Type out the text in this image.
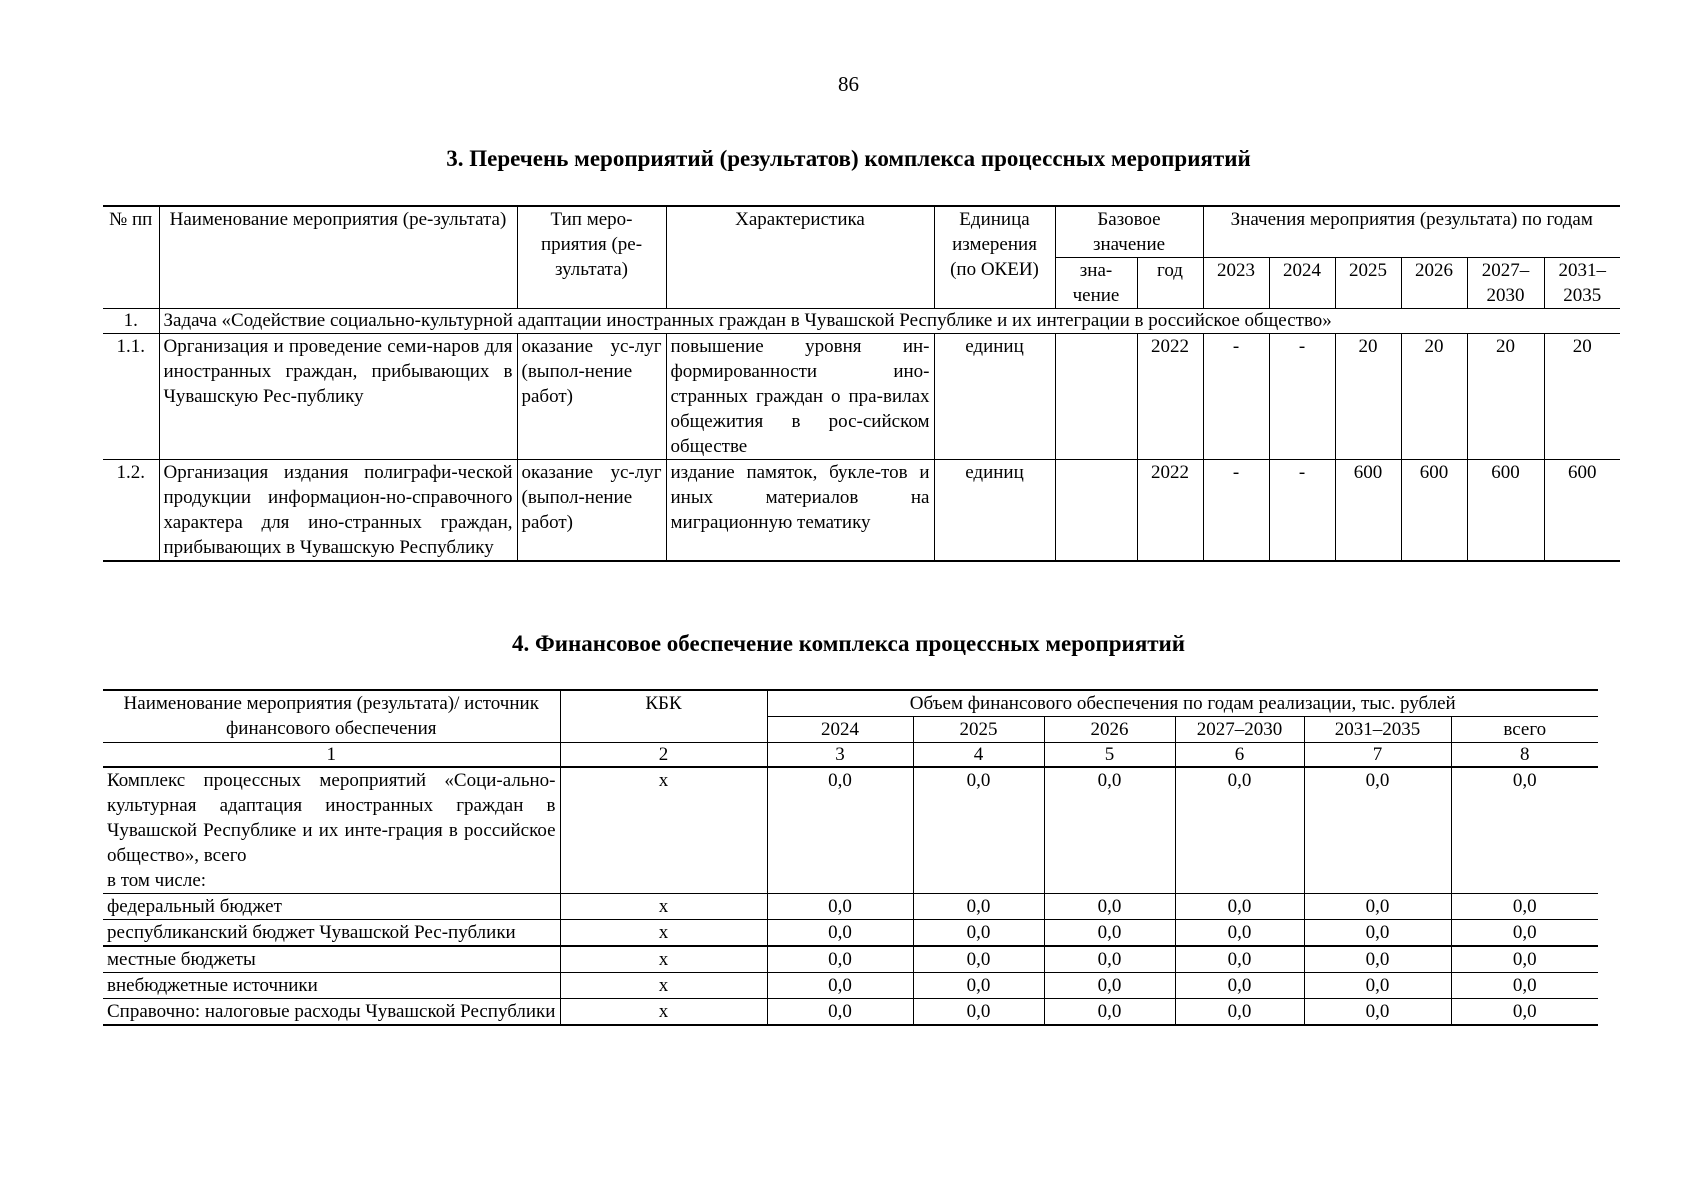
86
3. Перечень мероприятий (результатов) комплекса процессных мероприятий
№ пп	Наименование мероприятия (ре-зультата)	Тип меро-приятия (ре-зультата)	Характеристика	Единица измерения (по ОКЕИ)	Базовое значение		Значения мероприятия (результата) по годам					
					зна-чение	год	2023	2024	2025	2026	2027–2030	2031–2035
1.	Задача «Содействие социально-культурной адаптации иностранных граждан в Чувашской Республике и их интеграции в российское общество»											
1.1.	Организация и проведение семи-наров для иностранных граждан, прибывающих в Чувашскую Рес-публику	оказание ус-луг (выпол-нение работ)	повышение уровня ин-формированности ино-странных граждан о пра-вилах общежития в рос-сийском обществе	единиц		2022	-	-	20	20	20	20
1.2.	Организация издания полиграфи-ческой продукции информацион-но-справочного характера для ино-странных граждан, прибывающих в Чувашскую Республику	оказание ус-луг (выпол-нение работ)	издание памяток, букле-тов и иных материалов на миграционную тематику	единиц		2022	-	-	600	600	600	600
4. Финансовое обеспечение комплекса процессных мероприятий
Наименование мероприятия (результата)/ источник финансового обеспечения	КБК	Объем финансового обеспечения по годам реализации, тыс. рублей					
		2024	2025	2026	2027–2030	2031–2035	всего
1	2	3	4	5	6	7	8
Комплекс процессных мероприятий «Соци-ально-культурная адаптация иностранных граждан в Чувашской Республике и их инте-грация в российское общество», всего
в том числе:	х	0,0	0,0	0,0	0,0	0,0	0,0
федеральный бюджет	х	0,0	0,0	0,0	0,0	0,0	0,0
республиканский бюджет Чувашской Рес-публики	х	0,0	0,0	0,0	0,0	0,0	0,0
местные бюджеты	х	0,0	0,0	0,0	0,0	0,0	0,0
внебюджетные источники	х	0,0	0,0	0,0	0,0	0,0	0,0
Справочно: налоговые расходы Чувашской Республики	х	0,0	0,0	0,0	0,0	0,0	0,0
